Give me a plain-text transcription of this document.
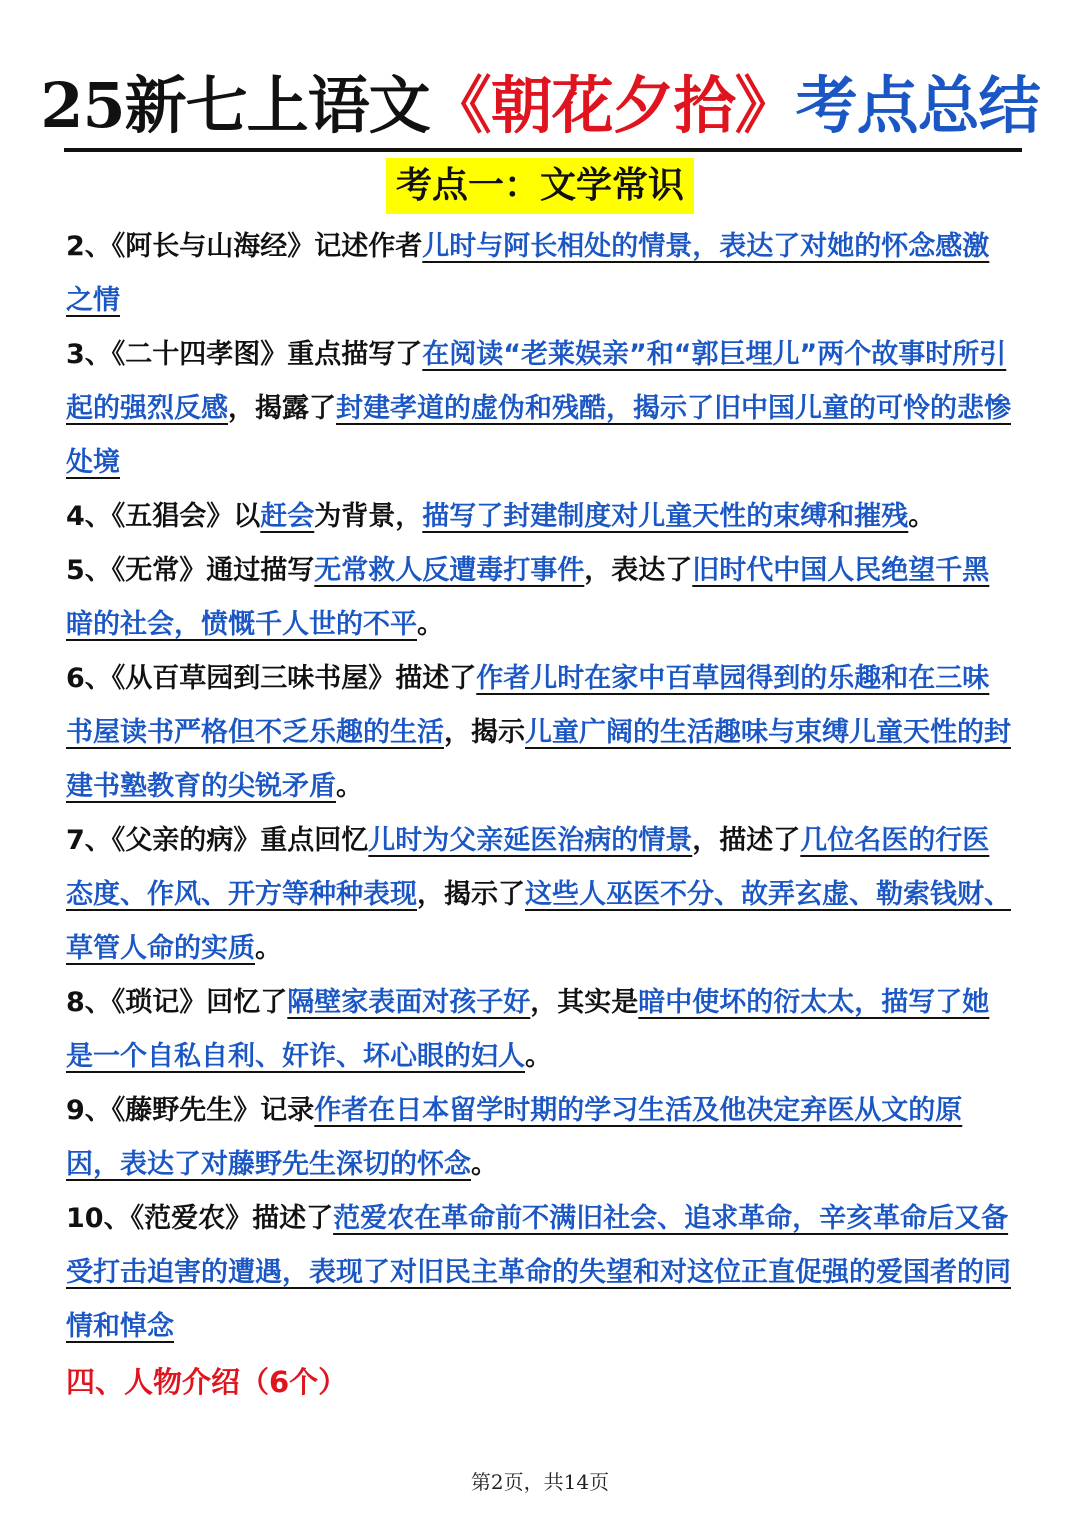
25新七上语文《朝花夕拾》考点总结
考点一：文学常识

2、《阿长与山海经》记述作者儿时与阿长相处的情景，表达了对她的怀念感激之情

3、《二十四孝图》重点描写了在阅读“老莱娱亲”和“郭巨埋儿”两个故事时所引起的强烈反感，揭露了封建孝道的虚伪和残酷，揭示了旧中国儿童的可怜的悲惨处境

4、《五猖会》以赶会为背景，描写了封建制度对儿童天性的束缚和摧残。

5、《无常》通过描写无常救人反遭毒打事件，表达了旧时代中国人民绝望千黑暗的社会，愤慨千人世的不平。

6、《从百草园到三味书屋》描述了作者儿时在家中百草园得到的乐趣和在三味书屋读书严格但不乏乐趣的生活，揭示儿童广阔的生活趣味与束缚儿童天性的封建书塾教育的尖锐矛盾。

7、《父亲的病》重点回忆儿时为父亲延医治病的情景，描述了几位名医的行医态度、作风、开方等种种表现，揭示了这些人巫医不分、故弄玄虚、勒索钱财、草管人命的实质。

8、《琐记》回忆了隔壁家表面对孩子好，其实是暗中使坏的衍太太，描写了她是一个自私自利、奸诈、坏心眼的妇人。

9、《藤野先生》记录作者在日本留学时期的学习生活及他决定弃医从文的原因，表达了对藤野先生深切的怀念。

10、《范爱农》描述了范爱农在革命前不满旧社会、追求革命，辛亥革命后又备受打击迫害的遭遇，表现了对旧民主革命的失望和对这位正直促强的爱国者的同情和悼念

四、人物介绍（6个）

第2页，共14页
